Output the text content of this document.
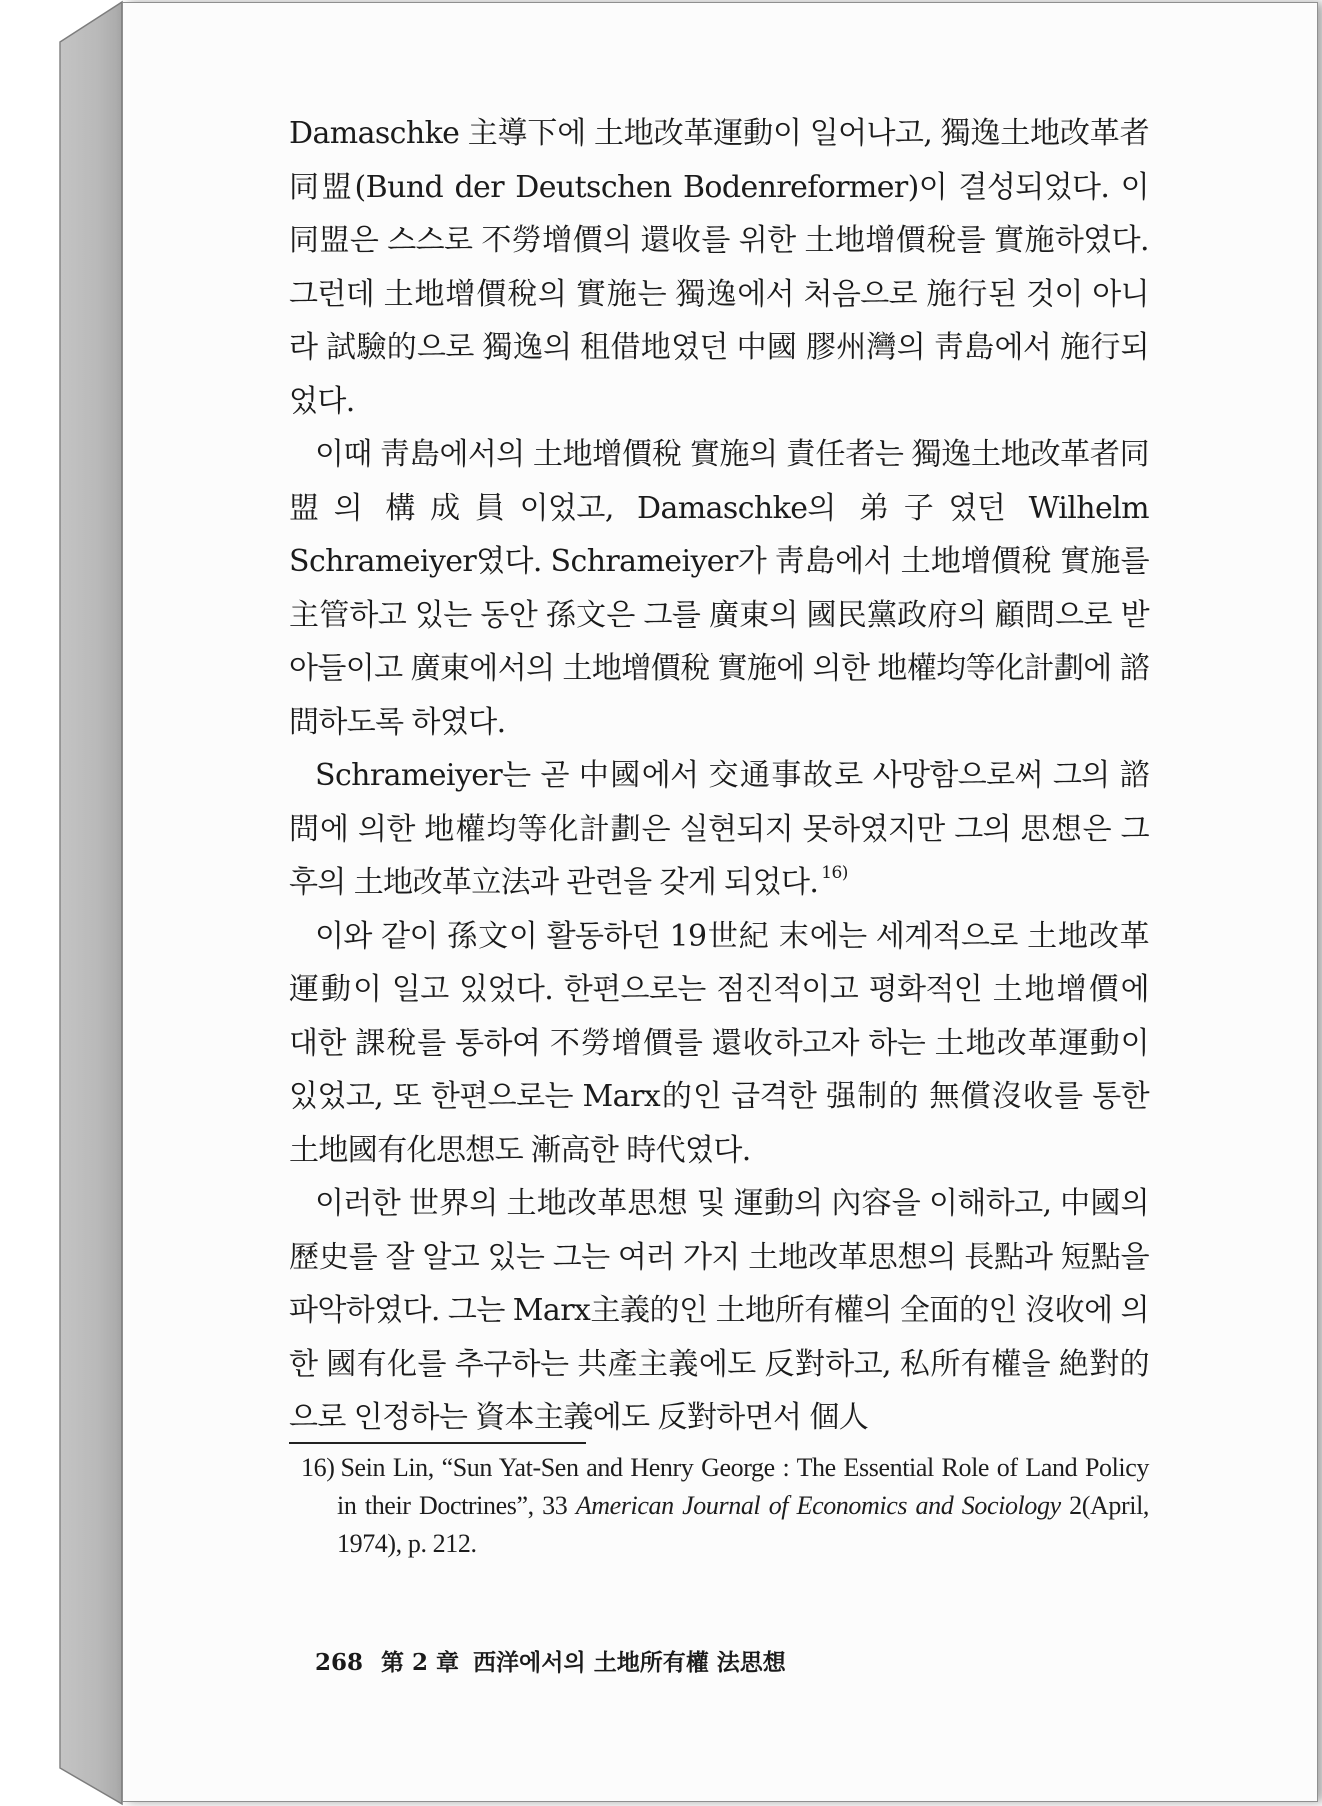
Damaschke 主導下에 土地改革運動이 일어나고, 獨逸土地改革者同盟(Bund der Deutschen Bodenreformer)이 결성되었다. 이 同盟은 스스로 不勞增價의 還收를 위한 土地增價稅를 實施하였다. 그런데 土地增價稅의 實施는 獨逸에서 처음으로 施行된 것이 아니라 試驗的으로 獨逸의 租借地였던 中國 膠州灣의 靑島에서 施行되었다.

이때 靑島에서의 土地增價稅 實施의 責任者는 獨逸土地改革者同盟의 構成員이었고, Damaschke의 弟子였던 Wilhelm Schrameiyer였다. Schrameiyer가 靑島에서 土地增價稅 實施를 主管하고 있는 동안 孫文은 그를 廣東의 國民黨政府의 顧問으로 받아들이고 廣東에서의 土地增價稅 實施에 의한 地權均等化計劃에 諮問하도록 하였다.

Schrameiyer는 곧 中國에서 交通事故로 사망함으로써 그의 諮問에 의한 地權均等化計劃은 실현되지 못하였지만 그의 思想은 그후의 土地改革立法과 관련을 갖게 되었다. $^{16)}$

이와 같이 孫文이 활동하던 19世紀 末에는 세계적으로 土地改革運動이 일고 있었다. 한편으로는 점진적이고 평화적인 土地增價에 대한 課稅를 통하여 不勞增價를 還收하고자 하는 土地改革運動이 있었고, 또 한편으로는 Marx的인 급격한 强制的 無償沒收를 통한 土地國有化思想도 漸高한 時代였다.

이러한 世界의 土地改革思想 및 運動의 內容을 이해하고, 中國의 歷史를 잘 알고 있는 그는 여러 가지 土地改革思想의 長點과 短點을 파악하였다. 그는 Marx主義的인 土地所有權의 全面的인 沒收에 의한 國有化를 추구하는 共產主義에도 反對하고, 私所有權을 絶對的으로 인정하는 資本主義에도 反對하면서 個人

16) Sein Lin, “Sun Yat-Sen and Henry George : The Essential Role of Land Policy in their Doctrines”, 33 American Journal of Economics and Sociology 2(April, 1974), p. 212.
268 第 2 章 西洋에서의 土地所有權 法思想
